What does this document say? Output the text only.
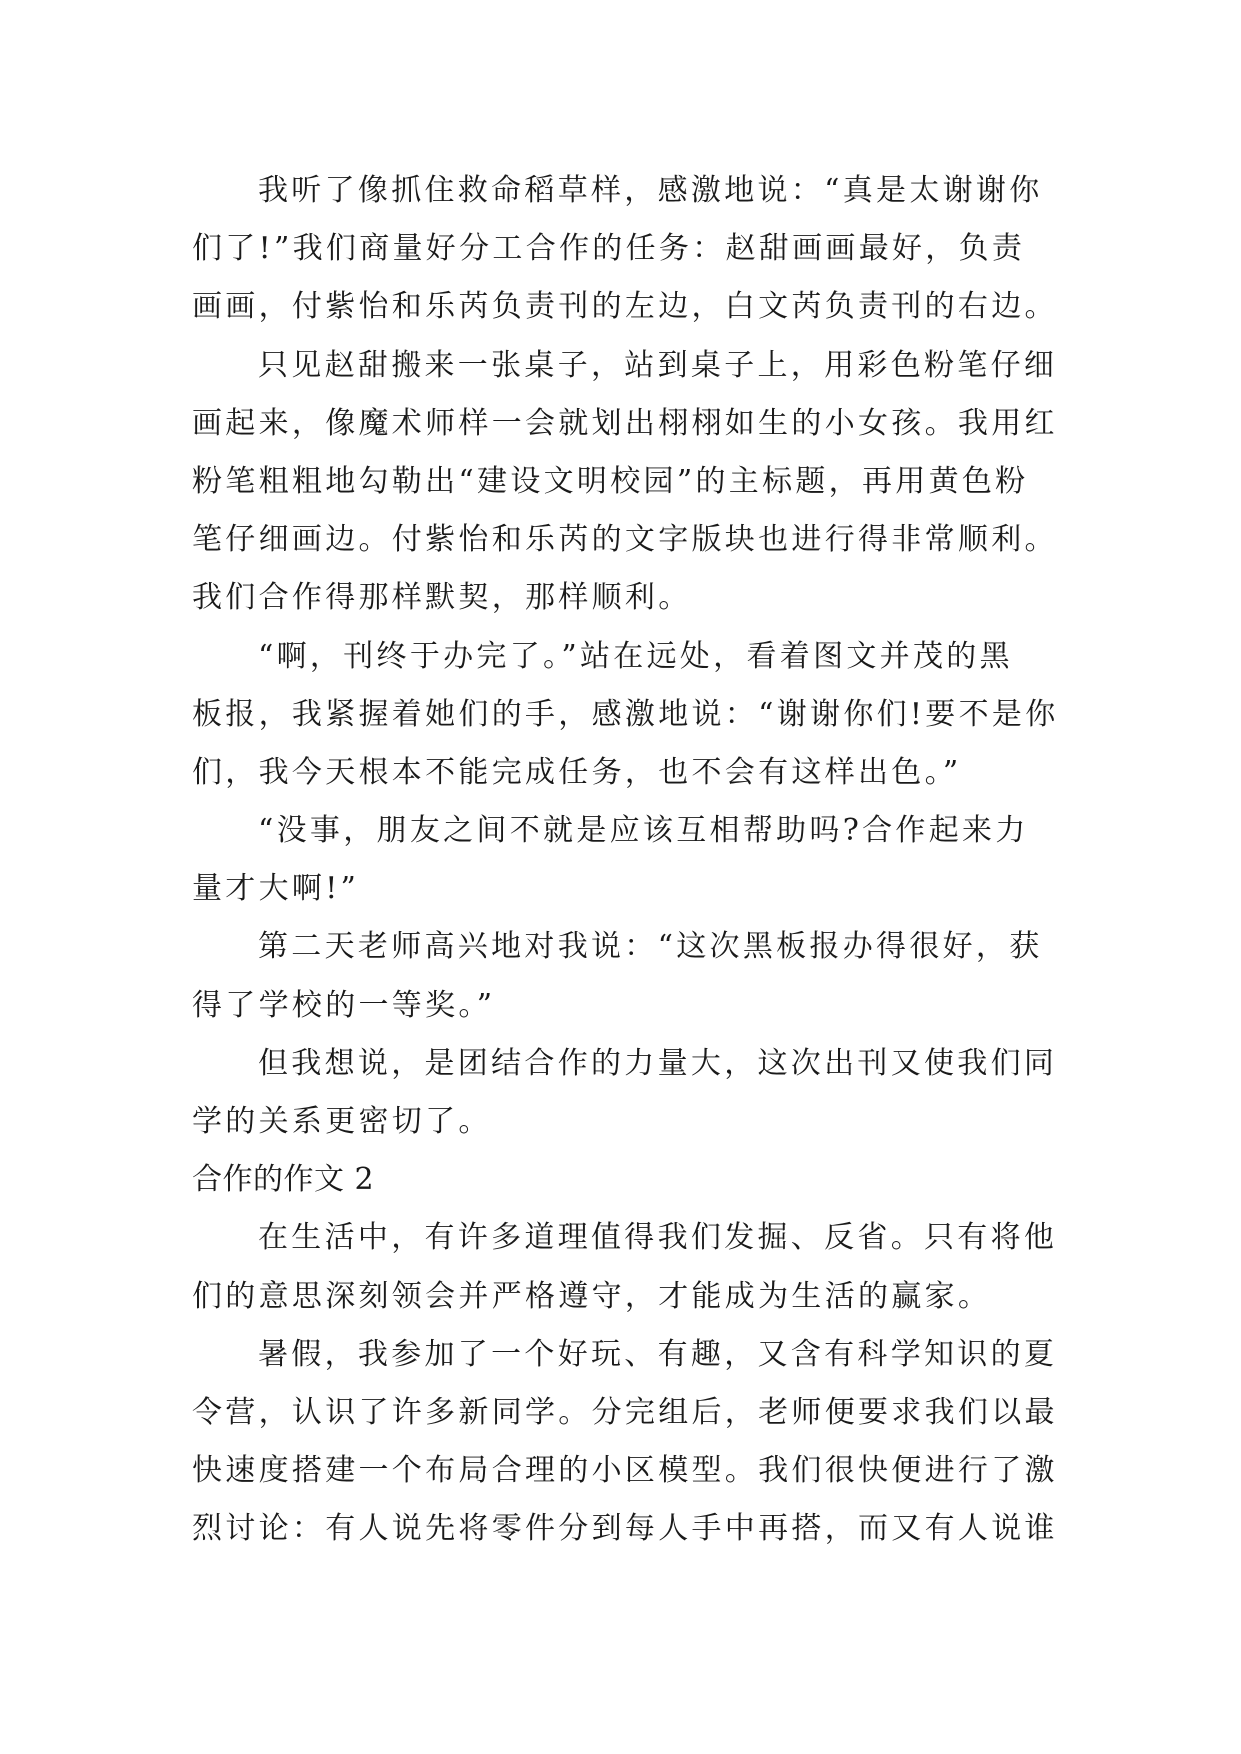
我听了像抓住救命稻草样，感激地说：“真是太谢谢你
们了!”我们商量好分工合作的任务：赵甜画画最好，负责
画画，付紫怡和乐芮负责刊的左边，白文芮负责刊的右边。
只见赵甜搬来一张桌子，站到桌子上，用彩色粉笔仔细
画起来，像魔术师样一会就划出栩栩如生的小女孩。我用红
粉笔粗粗地勾勒出“建设文明校园”的主标题，再用黄色粉
笔仔细画边。付紫怡和乐芮的文字版块也进行得非常顺利。
我们合作得那样默契，那样顺利。
“啊，刊终于办完了。”站在远处，看着图文并茂的黑
板报，我紧握着她们的手，感激地说：“谢谢你们!要不是你
们，我今天根本不能完成任务，也不会有这样出色。”
“没事，朋友之间不就是应该互相帮助吗?合作起来力
量才大啊!”
第二天老师高兴地对我说：“这次黑板报办得很好，获
得了学校的一等奖。”
但我想说，是团结合作的力量大，这次出刊又使我们同
学的关系更密切了。
合作的作文 2
在生活中，有许多道理值得我们发掘、反省。只有将他
们的意思深刻领会并严格遵守，才能成为生活的赢家。
暑假，我参加了一个好玩、有趣，又含有科学知识的夏
令营，认识了许多新同学。分完组后，老师便要求我们以最
快速度搭建一个布局合理的小区模型。我们很快便进行了激
烈讨论：有人说先将零件分到每人手中再搭，而又有人说谁
